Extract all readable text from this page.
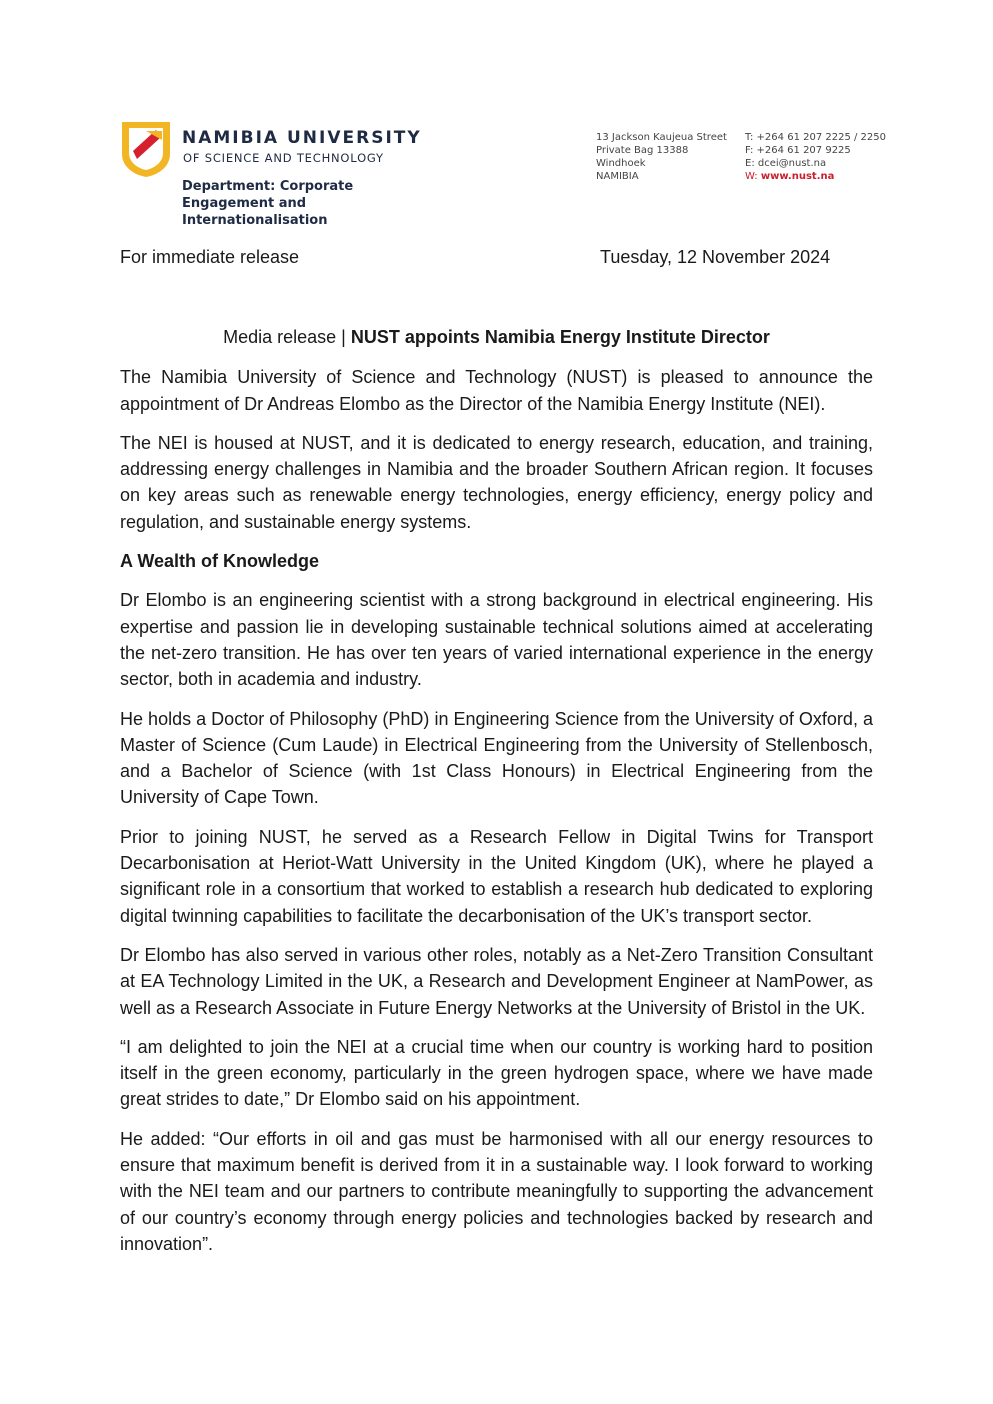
NAMIBIA UNIVERSITY
OF SCIENCE AND TECHNOLOGY
Department: Corporate
Engagement and
Internationalisation
13 Jackson Kaujeua Street
Private Bag 13388
Windhoek
NAMIBIA
T: +264 61 207 2225 / 2250
F: +264 61 207 9225
E: dcei@nust.na
W: www.nust.na
For immediate release	Tuesday, 12 November 2024
Media release | NUST appoints Namibia Energy Institute Director

The Namibia University of Science and Technology (NUST) is pleased to announce the appointment of Dr Andreas Elombo as the Director of the Namibia Energy Institute (NEI).

The NEI is housed at NUST, and it is dedicated to energy research, education, and training, addressing energy challenges in Namibia and the broader Southern African region. It focuses on key areas such as renewable energy technologies, energy efficiency, energy policy and regulation, and sustainable energy systems.

A Wealth of Knowledge

Dr Elombo is an engineering scientist with a strong background in electrical engineering. His expertise and passion lie in developing sustainable technical solutions aimed at accelerating the net-zero transition. He has over ten years of varied international experience in the energy sector, both in academia and industry.

He holds a Doctor of Philosophy (PhD) in Engineering Science from the University of Oxford, a Master of Science (Cum Laude) in Electrical Engineering from the University of Stellenbosch, and a Bachelor of Science (with 1st Class Honours) in Electrical Engineering from the University of Cape Town.

Prior to joining NUST, he served as a Research Fellow in Digital Twins for Transport Decarbonisation at Heriot-Watt University in the United Kingdom (UK), where he played a significant role in a consortium that worked to establish a research hub dedicated to exploring digital twinning capabilities to facilitate the decarbonisation of the UK’s transport sector.

Dr Elombo has also served in various other roles, notably as a Net-Zero Transition Consultant at EA Technology Limited in the UK, a Research and Development Engineer at NamPower, as well as a Research Associate in Future Energy Networks at the University of Bristol in the UK.

“I am delighted to join the NEI at a crucial time when our country is working hard to position itself in the green economy, particularly in the green hydrogen space, where we have made great strides to date,” Dr Elombo said on his appointment.

He added: “Our efforts in oil and gas must be harmonised with all our energy resources to ensure that maximum benefit is derived from it in a sustainable way. I look forward to working with the NEI team and our partners to contribute meaningfully to supporting the advancement of our country’s economy through energy policies and technologies backed by research and innovation”.
